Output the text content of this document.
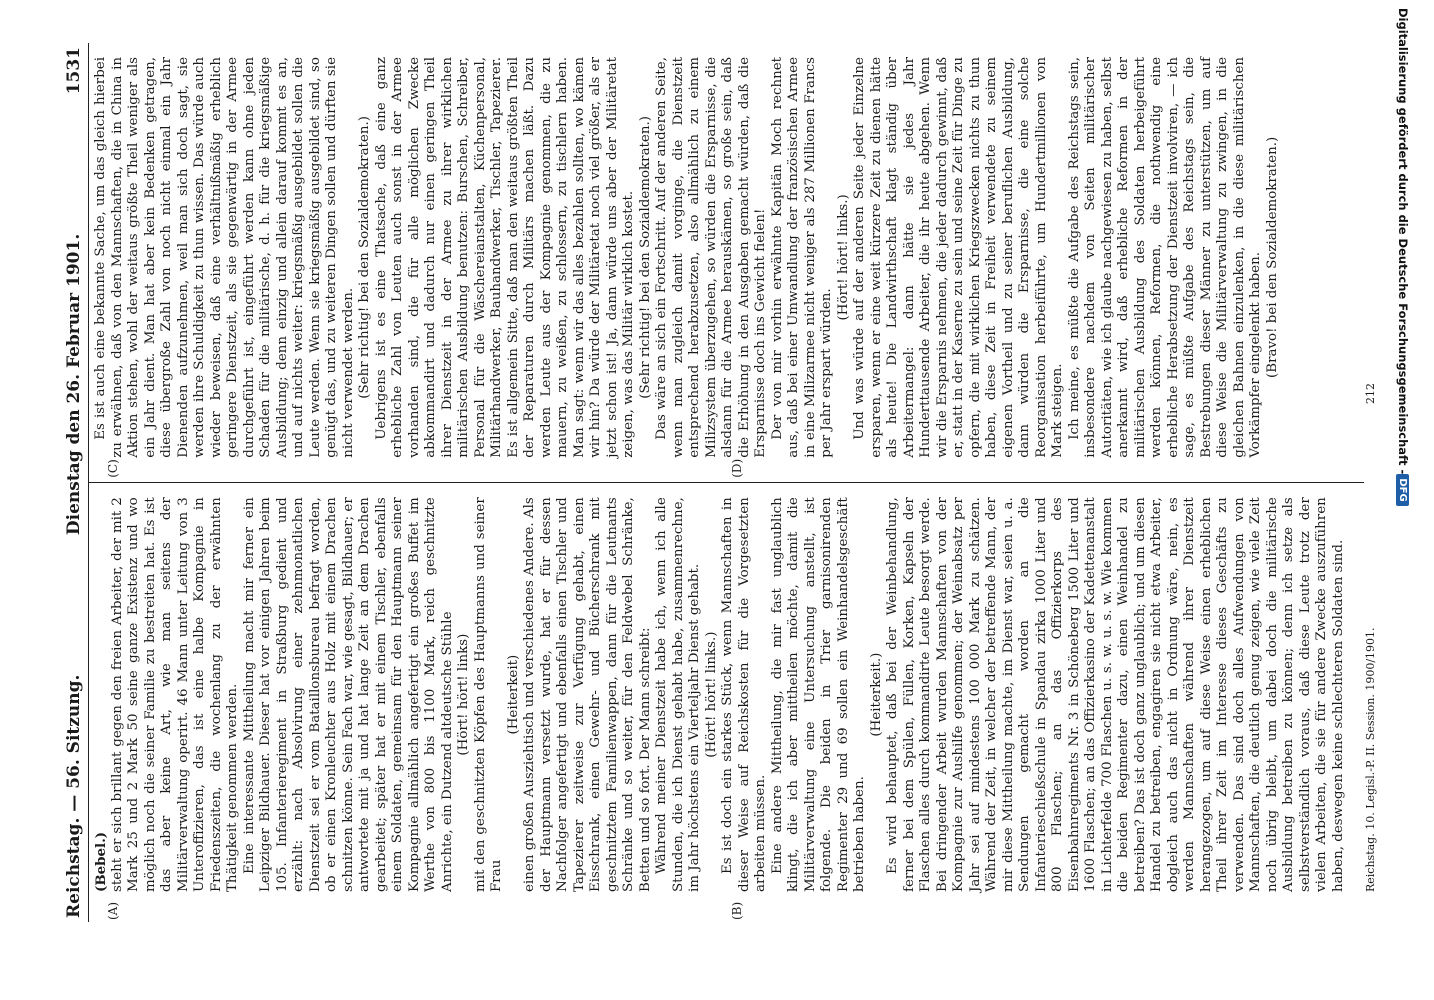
Reichstag. — 56. Sitzung.
Dienstag den 26. Februar 1901.
1531
(A)	(B)

(Bebel.) steht er sich brillant gegen den freien Arbeiter, der mit 2 Mark 25 und 2 Mark 50 seine ganze Existenz und wo möglich noch die seiner Familie zu bestreiten hat. Es ist das aber keine Art, wie man seitens der Militärverwaltung operirt. 46 Mann unter Leitung von 3 Unteroffizieren, das ist eine halbe Kompagnie in Friedenszeiten, die wochenlang zu der erwähnten Thätigkeit genommen werden. Eine interessante Mittheilung macht mir ferner ein Leipziger Bildhauer. Dieser hat vor einigen Jahren beim 105. Infanterieregiment in Straßburg gedient und erzählt: nach Absolvirung einer zehnmonatlichen Dienstzeit sei er vom Bataillonsbureau befragt worden, ob er einen Kronleuchter aus Holz mit einem Drachen schnitzen könne. Sein Fach war, wie gesagt, Bildhauer; er antwortete mit ja und hat lange Zeit an dem Drachen gearbeitet; später hat er mit einem Tischler, ebenfalls einem Soldaten, gemeinsam für den Hauptmann seiner Kompagnie allmählich angefertigt ein großes Buffet im Werthe von 800 bis 1100 Mark, reich geschnitzte Anrichte, ein Dutzend altdeutsche Stühle (Hört! hört! links) mit den geschnitzten Köpfen des Hauptmanns und seiner Frau

(Heiterkeit) einen großen Ausziehtisch und verschiedenes Andere. Als der Hauptmann versetzt wurde, hat er für dessen Nachfolger angefertigt und ebenfalls einen Tischler und Tapezierer zeitweise zur Verfügung gehabt, einen Eisschrank, einen Gewehr- und Bücherschrank mit geschnitztem Familienwappen, dann für die Leutnants Schränke und so weiter, für den Feldwebel Schränke, Betten und so fort. Der Mann schreibt: Während meiner Dienstzeit habe ich, wenn ich alle Stunden, die ich Dienst gehabt habe, zusammenrechne, im Jahr höchstens ein Vierteljahr Dienst gehabt. (Hört! hört! links.) Es ist doch ein starkes Stück, wenn Mannschaften in dieser Weise auf Reichskosten für die Vorgesetzten arbeiten müssen. Eine andere Mittheilung, die mir fast unglaublich klingt, die ich aber mittheilen möchte, damit die Militärverwaltung eine Untersuchung anstellt, ist folgende. Die beiden in Trier garnisonirenden Regimenter 29 und 69 sollen ein Weinhandelsgeschäft betrieben haben.

(Heiterkeit.) Es wird behauptet, daß bei der Weinbehandlung, ferner bei dem Spülen, Füllen, Korken, Kapseln der Flaschen alles durch kommandirte Leute besorgt werde. Bei dringender Arbeit wurden Mannschaften von der Kompagnie zur Aushilfe genommen; der Weinabsatz per Jahr sei auf mindestens 100 000 Mark zu schätzen. Während der Zeit, in welcher der betreffende Mann, der mir diese Mittheilung machte, im Dienst war, seien u. a. Sendungen gemacht worden an die Infanterieschießschule in Spandau zirka 1000 Liter und 800 Flaschen; an das Offizierkorps des Eisenbahnregiments Nr. 3 in Schöneberg 1500 Liter und 1600 Flaschen; an das Offizierkasino der Kadettenanstalt in Lichterfelde 700 Flaschen u. s. w. u. s. w. Wie kommen die beiden Regimenter dazu, einen Weinhandel zu betreiben? Das ist doch ganz unglaublich; und um diesen Handel zu betreiben, engagiren sie nicht etwa Arbeiter, obgleich auch das nicht in Ordnung wäre, nein, es werden Mannschaften während ihrer Dienstzeit herangezogen, um auf diese Weise einen erheblichen Theil ihrer Zeit im Interesse dieses Geschäfts zu verwenden. Das sind doch alles Aufwendungen von Mannschaften, die deutlich genug zeigen, wie viele Zeit noch übrig bleibt, um dabei doch die militärische Ausbildung betreiben zu können; denn ich setze als selbstverständlich voraus, daß diese Leute trotz der vielen Arbeiten, die sie für andere Zwecke auszuführen haben, deswegen keine schlechteren Soldaten sind.

(C)	(D)

Es ist auch eine bekannte Sache, um das gleich hierbei zu erwähnen, daß von den Mannschaften, die in China in Aktion stehen, wohl der weitaus größte Theil weniger als ein Jahr dient. Man hat aber kein Bedenken getragen, diese übergroße Zahl von noch nicht einmal ein Jahr Dienenden aufzunehmen, weil man sich doch sagt, sie werden ihre Schuldigkeit zu thun wissen. Das würde auch wieder beweisen, daß eine verhältnißmäßig erheblich geringere Dienstzeit, als sie gegenwärtig in der Armee durchgeführt ist, eingeführt werden kann ohne jeden Schaden für die militärische, d. h. für die kriegsmäßige Ausbildung; denn einzig und allein darauf kommt es an, und auf nichts weiter: kriegsmäßig ausgebildet sollen die Leute werden. Wenn sie kriegsmäßig ausgebildet sind, so genügt das, und zu weiteren Dingen sollen und dürften sie nicht verwendet werden. (Sehr richtig! bei den Sozialdemokraten.) Uebrigens ist es eine Thatsache, daß eine ganz erhebliche Zahl von Leuten auch sonst in der Armee vorhanden sind, die für alle möglichen Zwecke abkommandirt und dadurch nur einen geringen Theil ihrer Dienstzeit in der Armee zu ihrer wirklichen militärischen Ausbildung benutzen: Burschen, Schreiber, Personal für die Wäschereianstalten, Küchenpersonal, Militärhandwerker, Bauhandwerker, Tischler, Tapezierer. Es ist allgemein Sitte, daß man den weitaus größten Theil der Reparaturen durch Militärs machen läßt. Dazu werden Leute aus der Kompagnie genommen, die zu mauern, zu weißen, zu schlossern, zu tischlern haben. Man sagt: wenn wir das alles bezahlen sollten, wo kämen wir hin? Da würde der Militäretat noch viel größer, als er jetzt schon ist! Ja, dann würde uns aber der Militäretat zeigen, was das Militär wirklich kostet. (Sehr richtig! bei den Sozialdemokraten.) Das wäre an sich ein Fortschritt. Auf der anderen Seite, wenn man zugleich damit vorginge, die Dienstzeit entsprechend herabzusetzen, also allmählich zu einem Milizsystem überzugehen, so würden die Ersparnisse, die alsdann für die Armee herauskämen, so große sein, daß die Erhöhung in den Ausgaben gemacht würden, daß die Ersparnisse doch ins Gewicht fielen! Der von mir vorhin erwähnte Kapitän Moch rechnet aus, daß bei einer Umwandlung der französischen Armee in eine Milizarmee nicht weniger als 287 Millionen Francs per Jahr erspart würden.

(Hört! hört! links.) Und was würde auf der anderen Seite jeder Einzelne ersparen, wenn er eine weit kürzere Zeit zu dienen hätte als heute! Die Landwirthschaft klagt ständig über Arbeitermangel: dann hätte sie jedes Jahr Hunderttausende Arbeiter, die ihr heute abgehen. Wenn wir die Ersparnis nehmen, die jeder dadurch gewinnt, daß er, statt in der Kaserne zu sein und seine Zeit für Dinge zu opfern, die mit wirklichen Kriegszwecken nichts zu thun haben, diese Zeit in Freiheit verwendete zu seinem eigenen Vortheil und zu seiner beruflichen Ausbildung, dann würden die Ersparnisse, die eine solche Reorganisation herbeiführte, um Hundertmillionen von Mark steigen. Ich meine, es müßte die Aufgabe des Reichstags sein, insbesondere nachdem von Seiten militärischer Autoritäten, wie ich glaube nachgewiesen zu haben, selbst anerkannt wird, daß erhebliche Reformen in der militärischen Ausbildung des Soldaten herbeigeführt werden können, Reformen, die nothwendig eine erhebliche Herabsetzung der Dienstzeit involviren, — ich sage, es müßte Aufgabe des Reichstags sein, die Bestrebungen dieser Männer zu unterstützen, um auf diese Weise die Militärverwaltung zu zwingen, in die gleichen Bahnen einzulenken, in die diese militärischen Vorkämpfer eingelenkt haben. (Bravo! bei den Sozialdemokraten.)

Reichstag. 10. Legisl.-P. II. Session. 1900/1901.
212 Digitalisierung gefördert durch die Deutsche Forschungsgemeinschaft -
DFG
